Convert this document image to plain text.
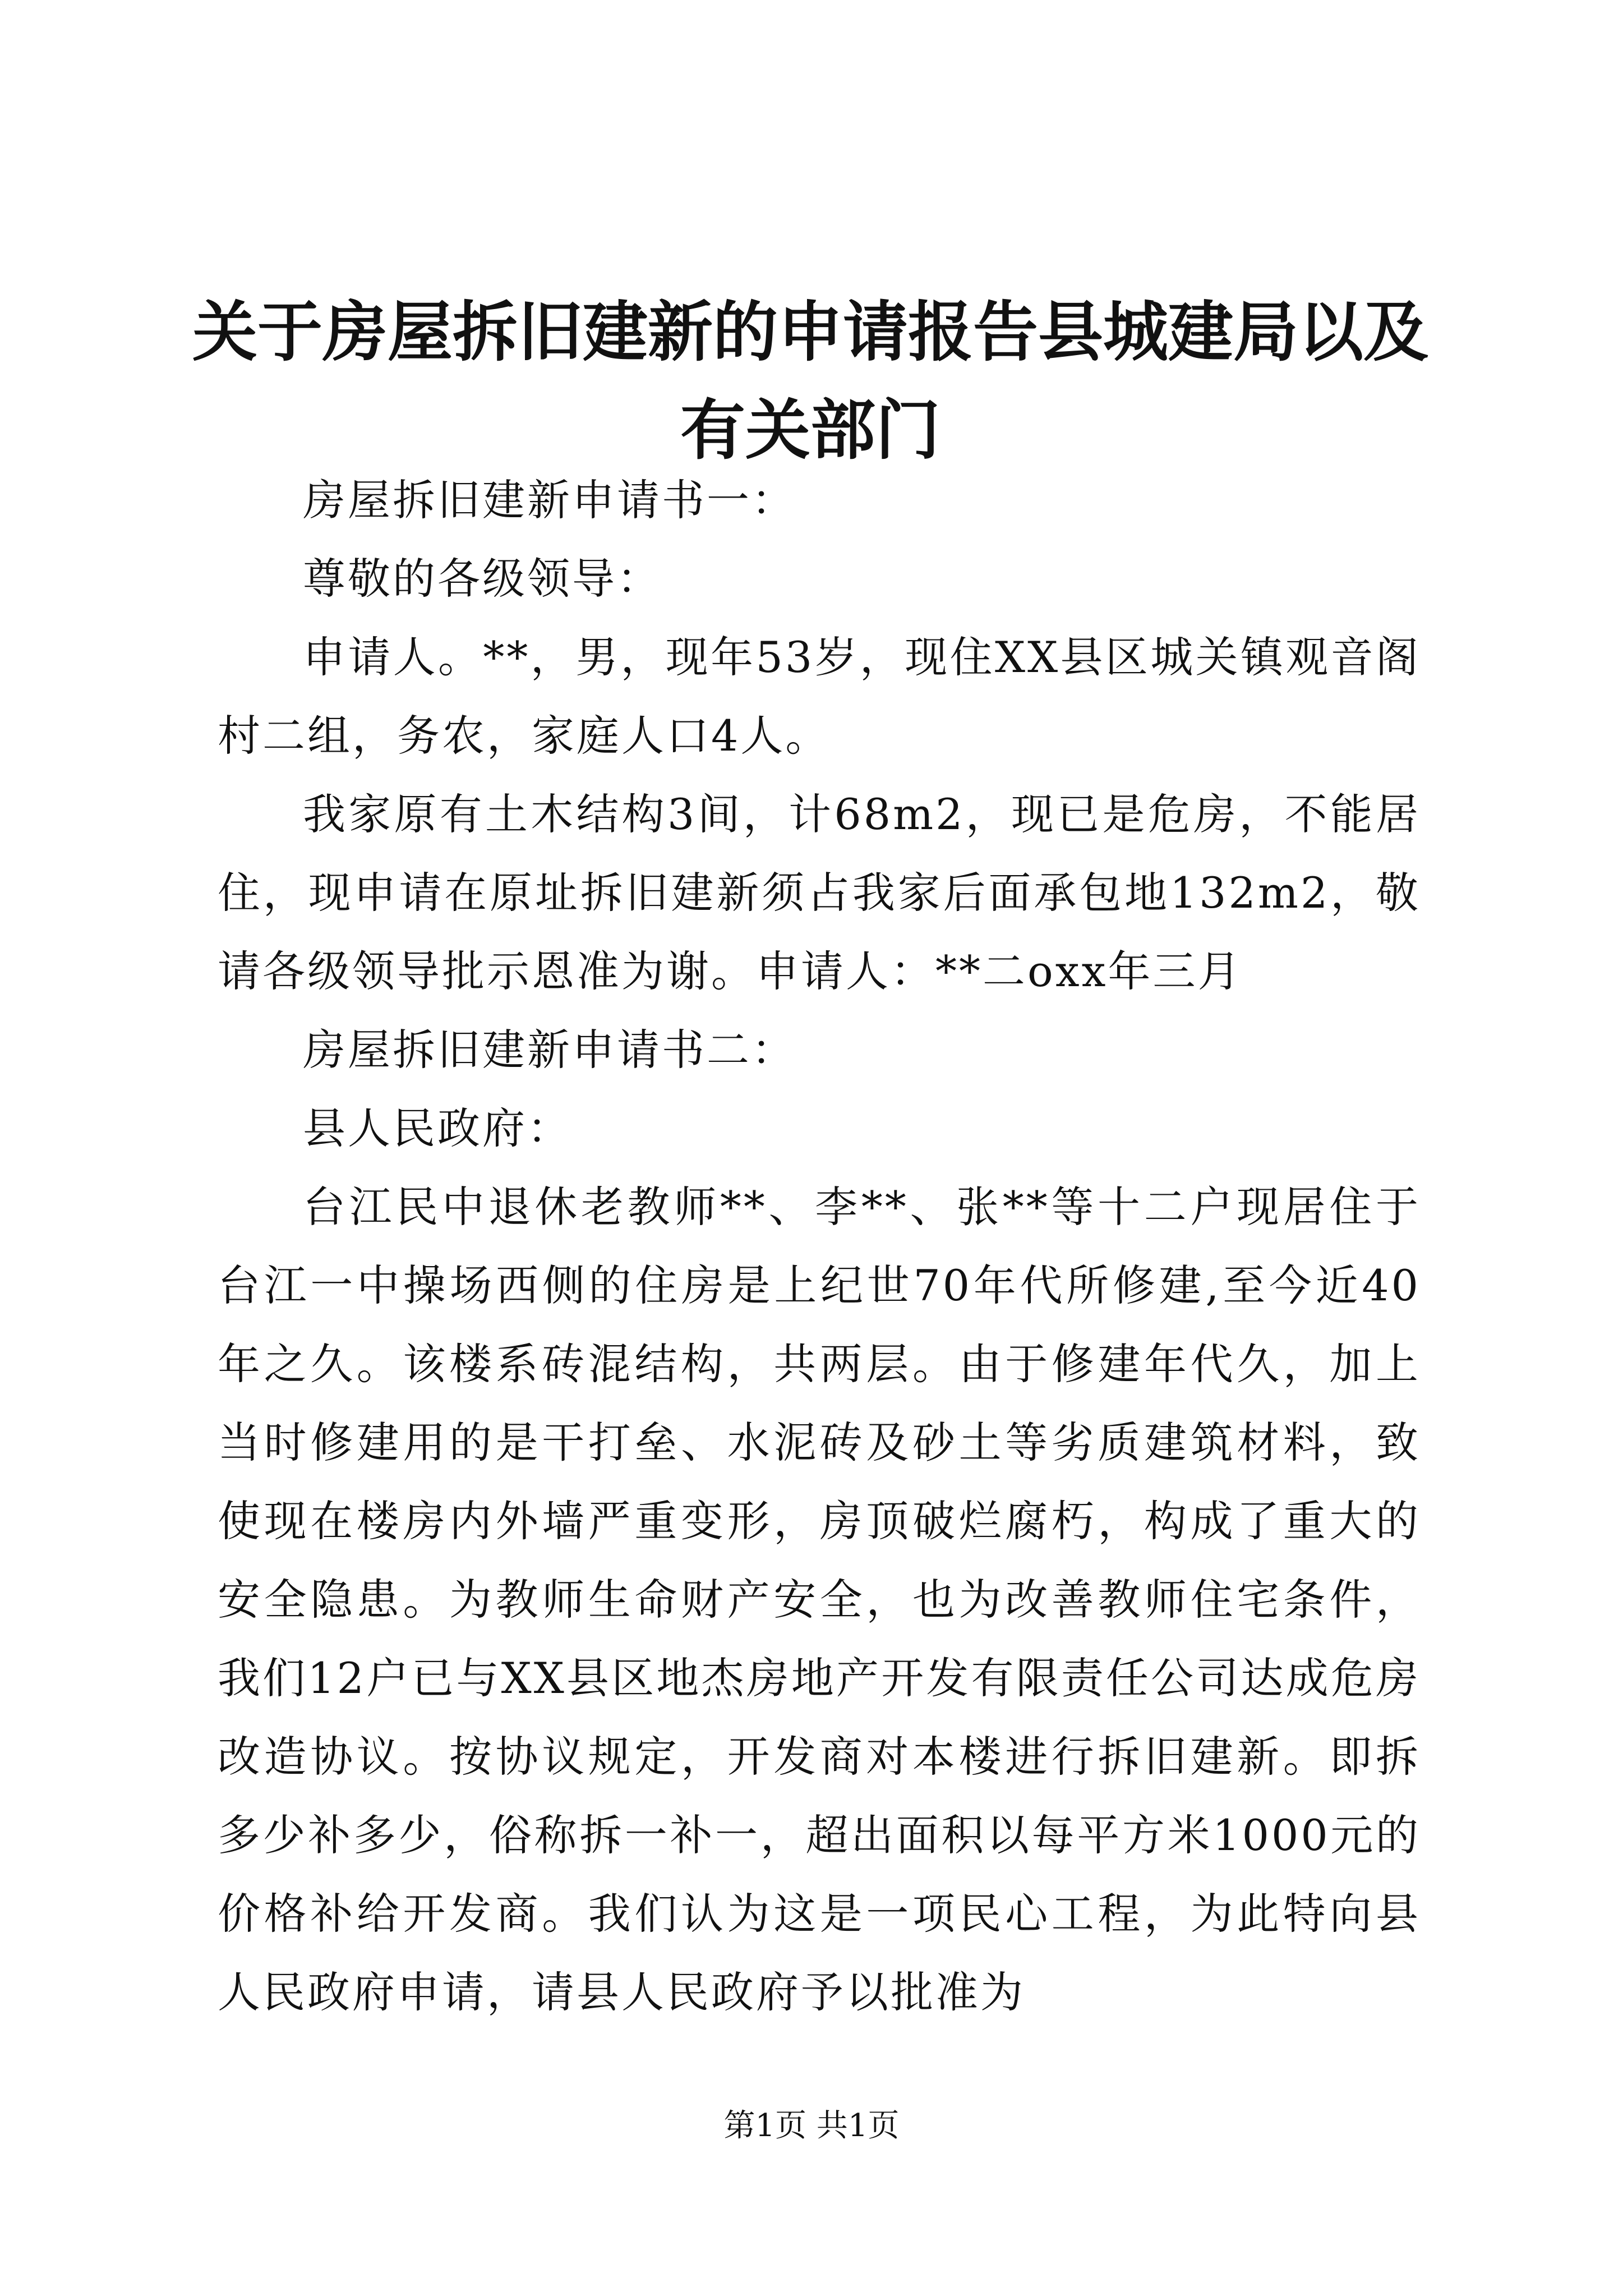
关于房屋拆旧建新的申请报告县城建局以及有关部门

房屋拆旧建新申请书一：

尊敬的各级领导：

申请人。**，男，现年53岁，现住XX县区城关镇观音阁村二组，务农，家庭人口4人。

我家原有土木结构3间，计68m2，现已是危房，不能居住，现申请在原址拆旧建新须占我家后面承包地132m2，敬请各级领导批示恩准为谢。申请人：**二oxx年三月

房屋拆旧建新申请书二：

县人民政府：

台江民中退休老教师**、李**、张**等十二户现居住于台江一中操场西侧的住房是上纪世70年代所修建,至今近40年之久。该楼系砖混结构，共两层。由于修建年代久，加上当时修建用的是干打垒、水泥砖及砂土等劣质建筑材料，致使现在楼房内外墙严重变形，房顶破烂腐朽，构成了重大的安全隐患。为教师生命财产安全，也为改善教师住宅条件，我们12户已与XX县区地杰房地产开发有限责任公司达成危房改造协议。按协议规定，开发商对本楼进行拆旧建新。即拆多少补多少，俗称拆一补一，超出面积以每平方米1000元的价格补给开发商。我们认为这是一项民心工程，为此特向县人民政府申请，请县人民政府予以批准为

第1页 共1页
